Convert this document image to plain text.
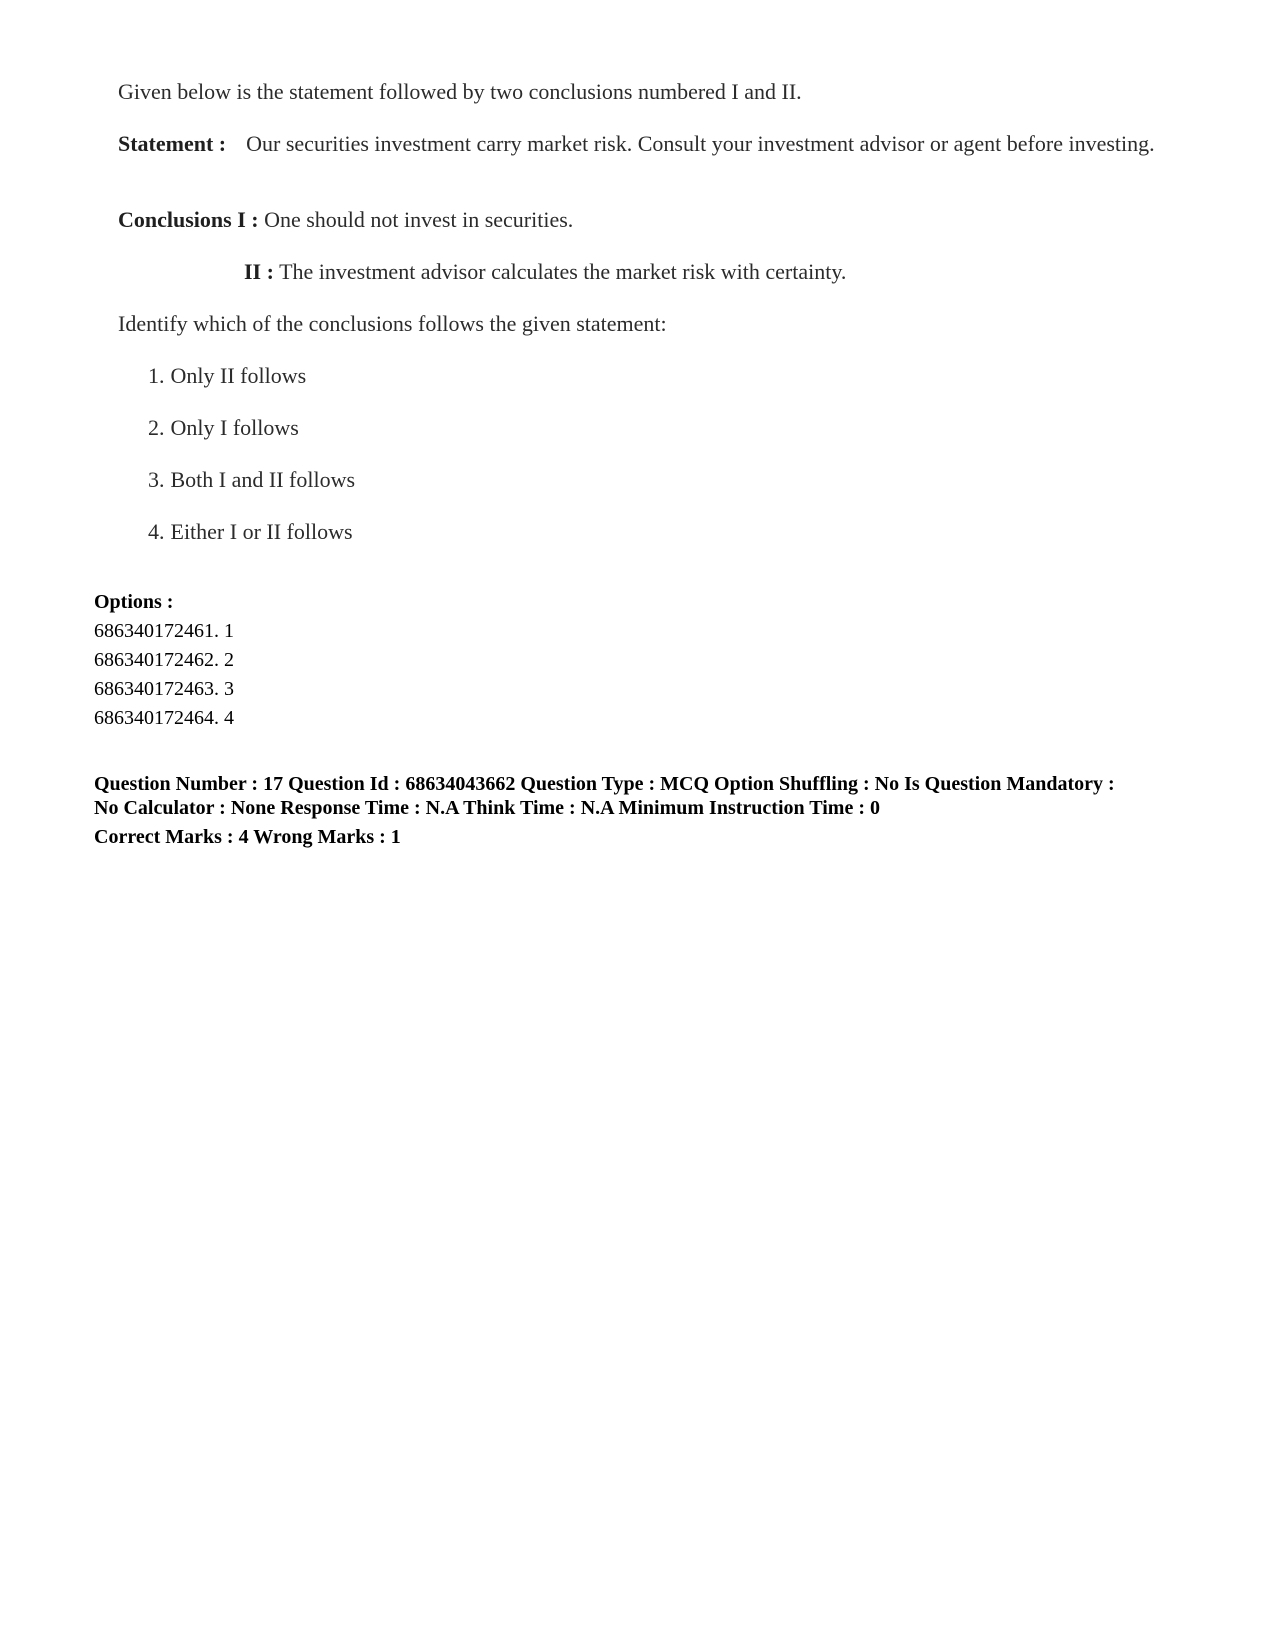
Given below is the statement followed by two conclusions numbered I and II.
Statement : Our securities investment carry market risk. Consult your investment advisor or agent before investing.
Conclusions I : One should not invest in securities.
II : The investment advisor calculates the market risk with certainty.
Identify which of the conclusions follows the given statement:
1. Only II follows
2. Only I follows
3. Both I and II follows
4. Either I or II follows
Options :
686340172461. 1
686340172462. 2
686340172463. 3
686340172464. 4
Question Number : 17 Question Id : 68634043662 Question Type : MCQ Option Shuffling : No Is Question Mandatory :
No Calculator : None Response Time : N.A Think Time : N.A Minimum Instruction Time : 0
Correct Marks : 4 Wrong Marks : 1
